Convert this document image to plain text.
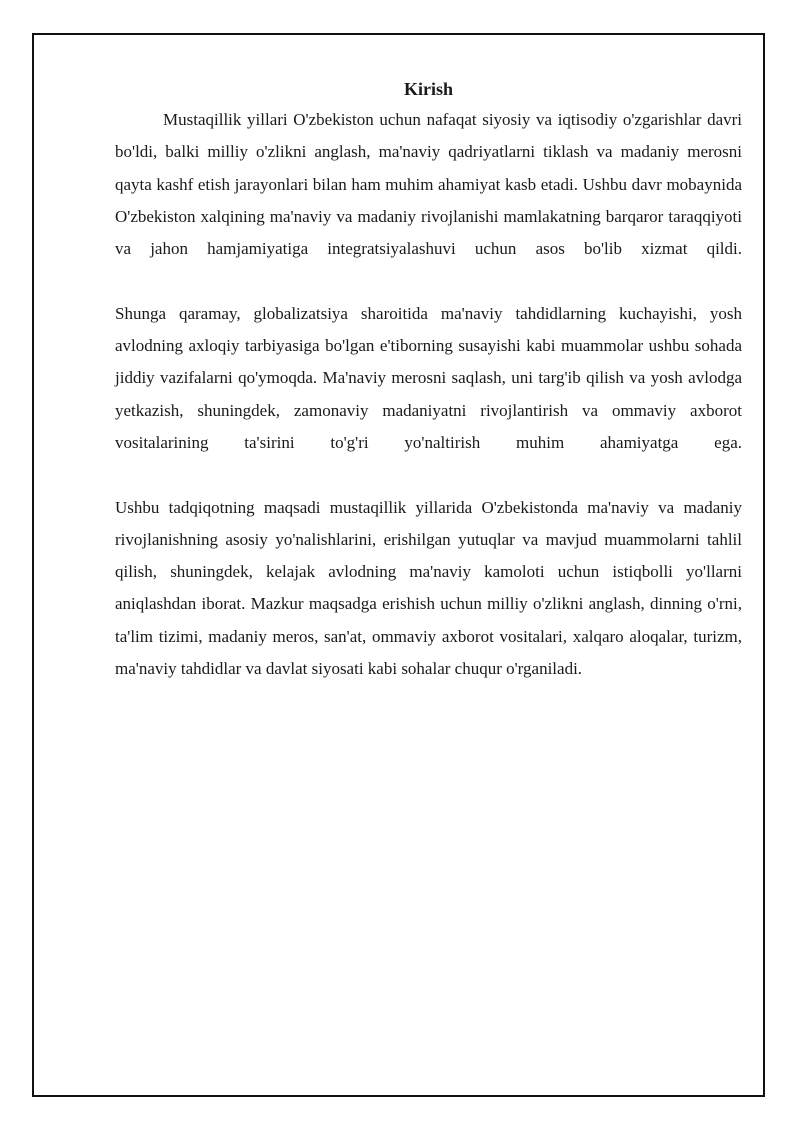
Kirish

Mustaqillik yillari O'zbekiston uchun nafaqat siyosiy va iqtisodiy o'zgarishlar davri bo'ldi, balki milliy o'zlikni anglash, ma'naviy qadriyatlarni tiklash va madaniy merosni qayta kashf etish jarayonlari bilan ham muhim ahamiyat kasb etadi. Ushbu davr mobaynida O'zbekiston xalqining ma'naviy va madaniy rivojlanishi mamlakatning barqaror taraqqiyoti va jahon hamjamiyatiga integratsiyalashuvi uchun asos bo'lib xizmat qildi.

Shunga qaramay, globalizatsiya sharoitida ma'naviy tahdidlarning kuchayishi, yosh avlodning axloqiy tarbiyasiga bo'lgan e'tiborning susayishi kabi muammolar ushbu sohada jiddiy vazifalarni qo'ymoqda. Ma'naviy merosni saqlash, uni targ'ib qilish va yosh avlodga yetkazish, shuningdek, zamonaviy madaniyatni rivojlantirish va ommaviy axborot vositalarining ta'sirini to'g'ri yo'naltirish muhim ahamiyatga ega.

Ushbu tadqiqotning maqsadi mustaqillik yillarida O'zbekistonda ma'naviy va madaniy rivojlanishning asosiy yo'nalishlarini, erishilgan yutuqlar va mavjud muammolarni tahlil qilish, shuningdek, kelajak avlodning ma'naviy kamoloti uchun istiqbolli yo'llarni aniqlashdan iborat. Mazkur maqsadga erishish uchun milliy o'zlikni anglash, dinning o'rni, ta'lim tizimi, madaniy meros, san'at, ommaviy axborot vositalari, xalqaro aloqalar, turizm, ma'naviy tahdidlar va davlat siyosati kabi sohalar chuqur o'rganiladi.
